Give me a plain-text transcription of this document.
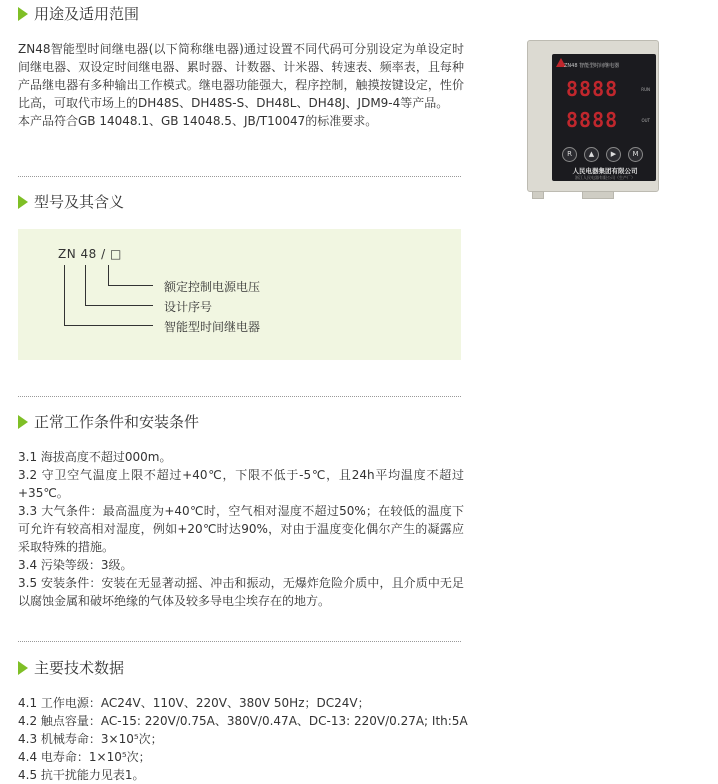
用途及适用范围

ZN48智能型时间继电器(以下简称继电器)通过设置不同代码可分别设定为单设定时间继电器、双设定时间继电器、累时器、计数器、计米器、转速表、频率表，且每种产品继电器有多种输出工作模式。继电器功能强大，程序控制，触摸按键设定，性价比高，可取代市场上的DH48S、DH48S-S、DH48L、DH48J、JDM9-4等产品。

本产品符合GB 14048.1、GB 14048.5、JB/T10047的标准要求。

ZN48 智能型时间继电器
8888	RUN
8888	OUT
R	▲	▶	M
人民电器集团有限公司
浙江人民电器有限公司（生产厂）
型号及其含义
ZN 48 / □
额定控制电源电压
设计序号
智能型时间继电器
正常工作条件和安装条件

3.1 海拔高度不超过000m。

3.2 守卫空气温度上限不超过+40℃，下限不低于-5℃，且24h平均温度不超过+35℃。

3.3 大气条件：最高温度为+40℃时，空气相对湿度不超过50%；在较低的温度下可允许有较高相对湿度，例如+20℃时达90%，对由于温度变化偶尔产生的凝露应采取特殊的措施。

3.4 污染等级：3级。

3.5 安装条件：安装在无显著动摇、冲击和振动，无爆炸危险介质中，且介质中无足以腐蚀金属和破坏绝缘的气体及较多导电尘埃存在的地方。

主要技术数据
4.1 工作电源：AC24V、110V、220V、380V 50Hz；DC24V；
4.2 触点容量：AC-15: 220V/0.75A、380V/0.47A、DC-13: 220V/0.27A; Ith:5A
4.3 机械寿命：3×10⁵次；
4.4 电寿命：1×10⁵次；
4.5 抗干扰能力见表1。
